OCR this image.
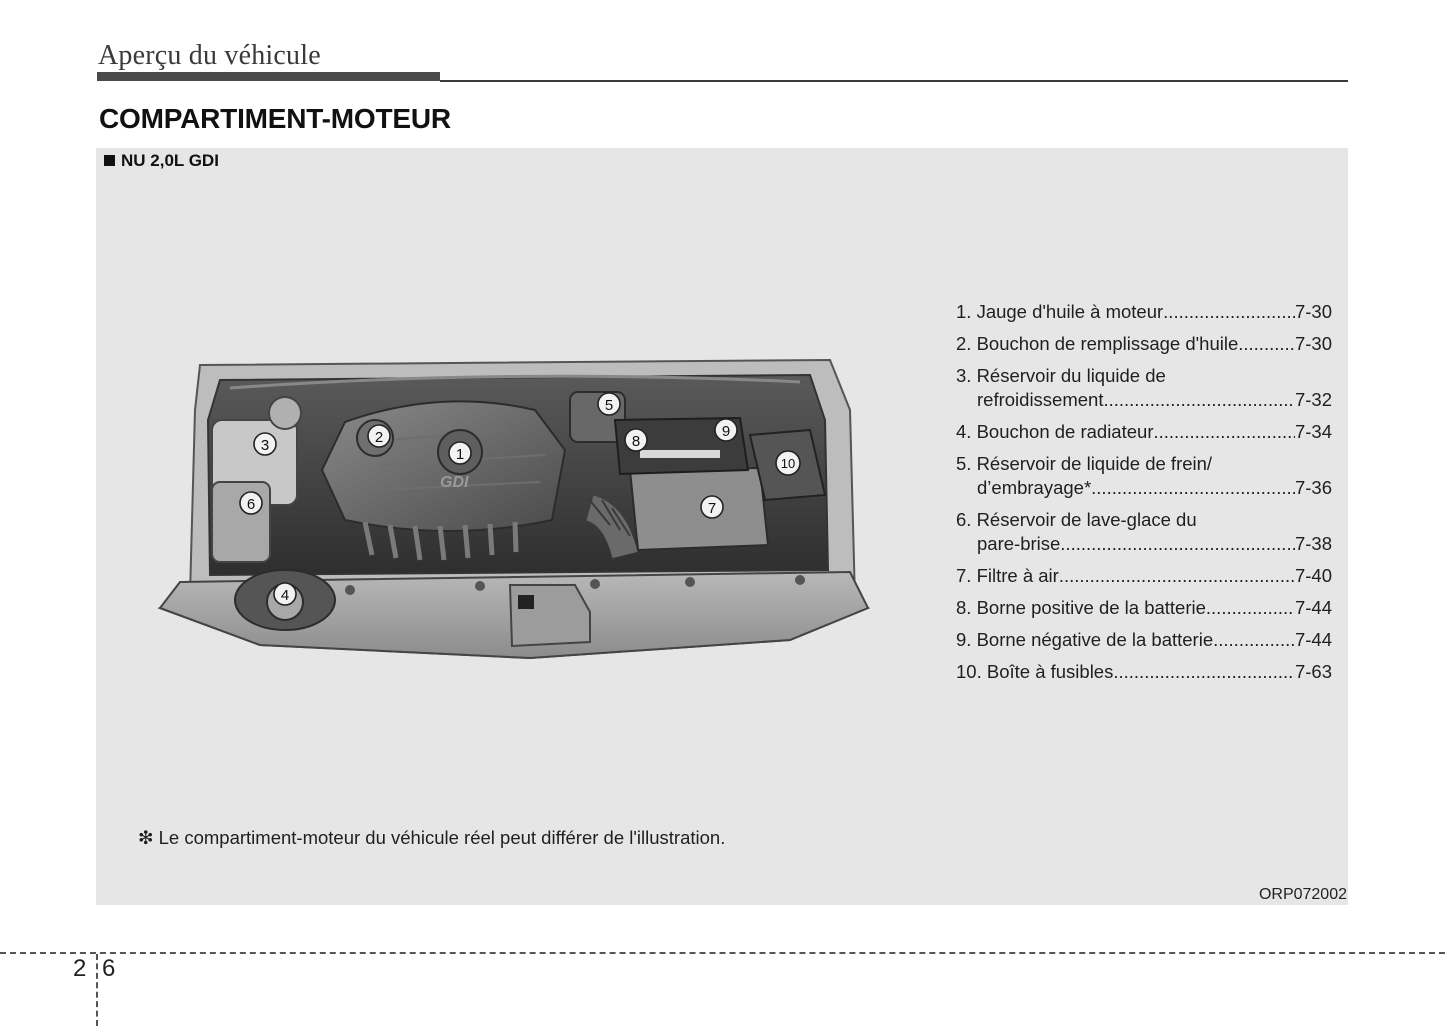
Aperçu du véhicule
COMPARTIMENT-MOTEUR
NU 2,0L GDI
GDI
1
2
3
4
5
6	7
8
9
10
1. Jauge d'huile à moteur .....	7-30
2. Bouchon de remplissage d'huile .....	7-30
3. Réservoir du liquide de
refroidissement .....	7-32
4. Bouchon de radiateur .....	7-34
5. Réservoir de liquide de frein/
d’embrayage* .....	7-36
6. Réservoir de lave-glace du
pare-brise .....	7-38
7. Filtre à air .....	7-40
8. Borne positive de la batterie .....	7-44
9. Borne négative de la batterie .....	7-44
10. Boîte à fusibles .....	7-63
❇ Le compartiment-moteur du véhicule réel peut différer de l'illustration.
ORP072002
2 6
